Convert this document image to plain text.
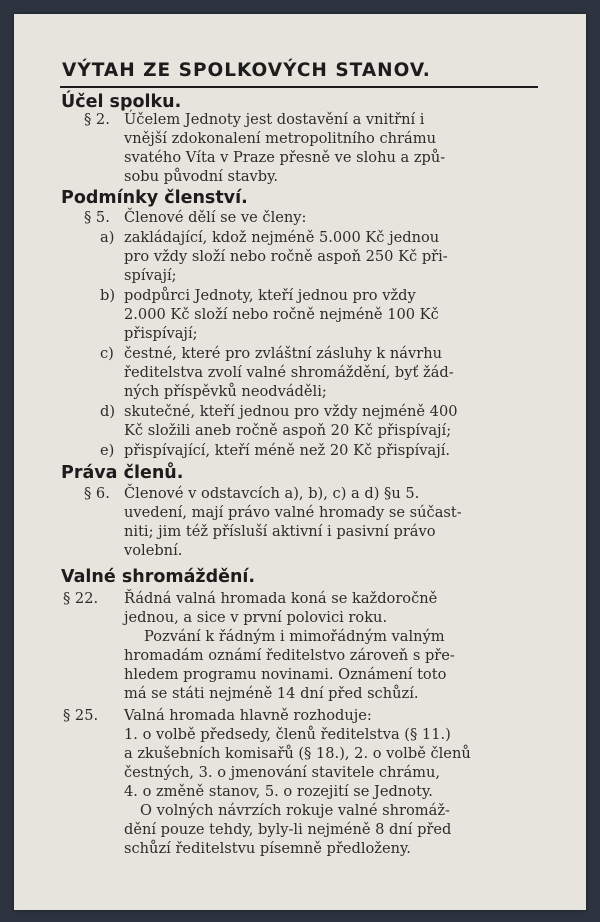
VÝTAH ZE SPOLKOVÝCH STANOV.
Účel spolku.
§ 2. Účelem Jednoty jest dostavění a vnitřní i
vnější zdokonalení metropolitního chrámu
svatého Víta v Praze přesně ve slohu a způ-
sobu původní stavby.
Podmínky členství.
§ 5. Členové dělí se ve členy:
a) zakládající, kdož nejméně 5.000 Kč jednou
pro vždy složí nebo ročně aspoň 250 Kč při-
spívají;
b) podpůrci Jednoty, kteří jednou pro vždy
2.000 Kč složí nebo ročně nejméně 100 Kč
přispívají;
c) čestné, které pro zvláštní zásluhy k návrhu
ředitelstva zvolí valné shromáždění, byť žád-
ných příspěvků neodváděli;
d) skutečné, kteří jednou pro vždy nejméně 400
Kč složili aneb ročně aspoň 20 Kč přispívají;
e) přispívající, kteří méně než 20 Kč přispívají.
Práva členů.
§ 6. Členové v odstavcích a), b), c) a d) §u 5.
uvedení, mají právo valné hromady se súčast-
niti; jim též přísluší aktivní i pasivní právo
volební.
Valné shromáždění.
§ 22.	Řádná valná hromada koná se každoročně
jednou, a sice v první polovici roku.
Pozvání k řádným i mimořádným valným
hromadám oznámí ředitelstvo zároveň s pře-
hledem programu novinami. Oznámení toto
má se státi nejméně 14 dní před schůzí.
§ 25.	Valná hromada hlavně rozhoduje:
1. o volbě předsedy, členů ředitelstva (§ 11.)
a zkušebních komisařů (§ 18.), 2. o volbě členů
čestných, 3. o jmenování stavitele chrámu,
4. o změně stanov, 5. o rozejití se Jednoty.
O volných návrzích rokuje valné shromáž-
dění pouze tehdy, byly-li nejméně 8 dní před
schůzí ředitelstvu písemně předloženy.
